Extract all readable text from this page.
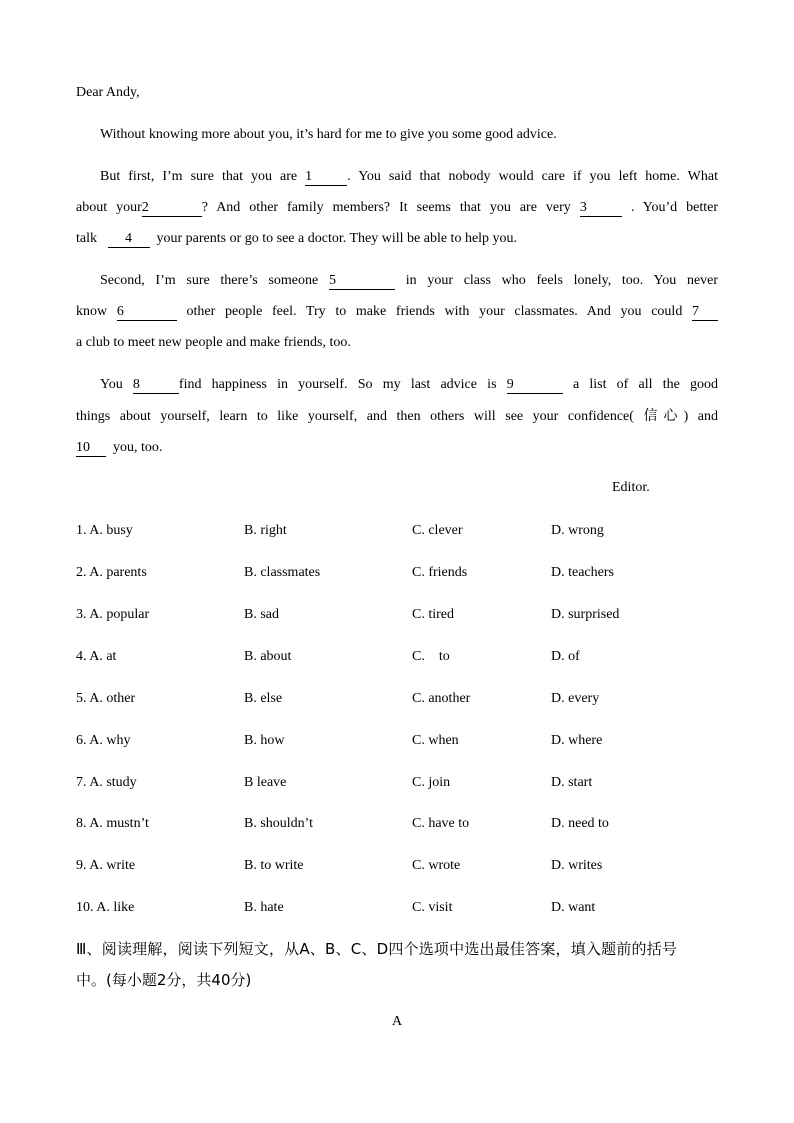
Dear Andy,
Without knowing more about you, it’s hard for me to give you some good advice.
But first, I’m sure that you are 1	. You said that nobody would care if you left home. What
about your2	? And other family members? It seems that you are very 3	. You’d better
talk 4 your parents or go to see a doctor. They will be able to help you.
Second, I’m sure there’s someone 5	in your class who feels lonely, too. You never
know 6	other people feel. Try to make friends with your classmates. And you could 7
a club to meet new people and make friends, too.
You 8	find happiness in yourself. So my last advice is 9	a list of all the good
things about yourself, learn to like yourself, and then others will see your confidence( 信心) and
10 you, too.
Editor.
1. A. busy	B. right	C. clever	D. wrong
2. A. parents	B. classmates	C. friends	D. teachers
3. A. popular	B. sad	C. tired	D. surprised
4. A. at	B. about	C.    to	D. of
5. A. other	B. else	C. another	D. every
6. A. why	B. how	C. when	D. where
7. A. study	B leave	C. join	D. start
8. A. mustn’t	B. shouldn’t	C. have to	D. need to
9. A. write	B. to write	C. wrote	D. writes
10. A. like	B. hate	C. visit	D. want
Ⅲ、阅读理解，阅读下列短文，从A、B、C、D四个选项中选出最佳答案，填入题前的括号
中。(每小题2分，共40分)
A
